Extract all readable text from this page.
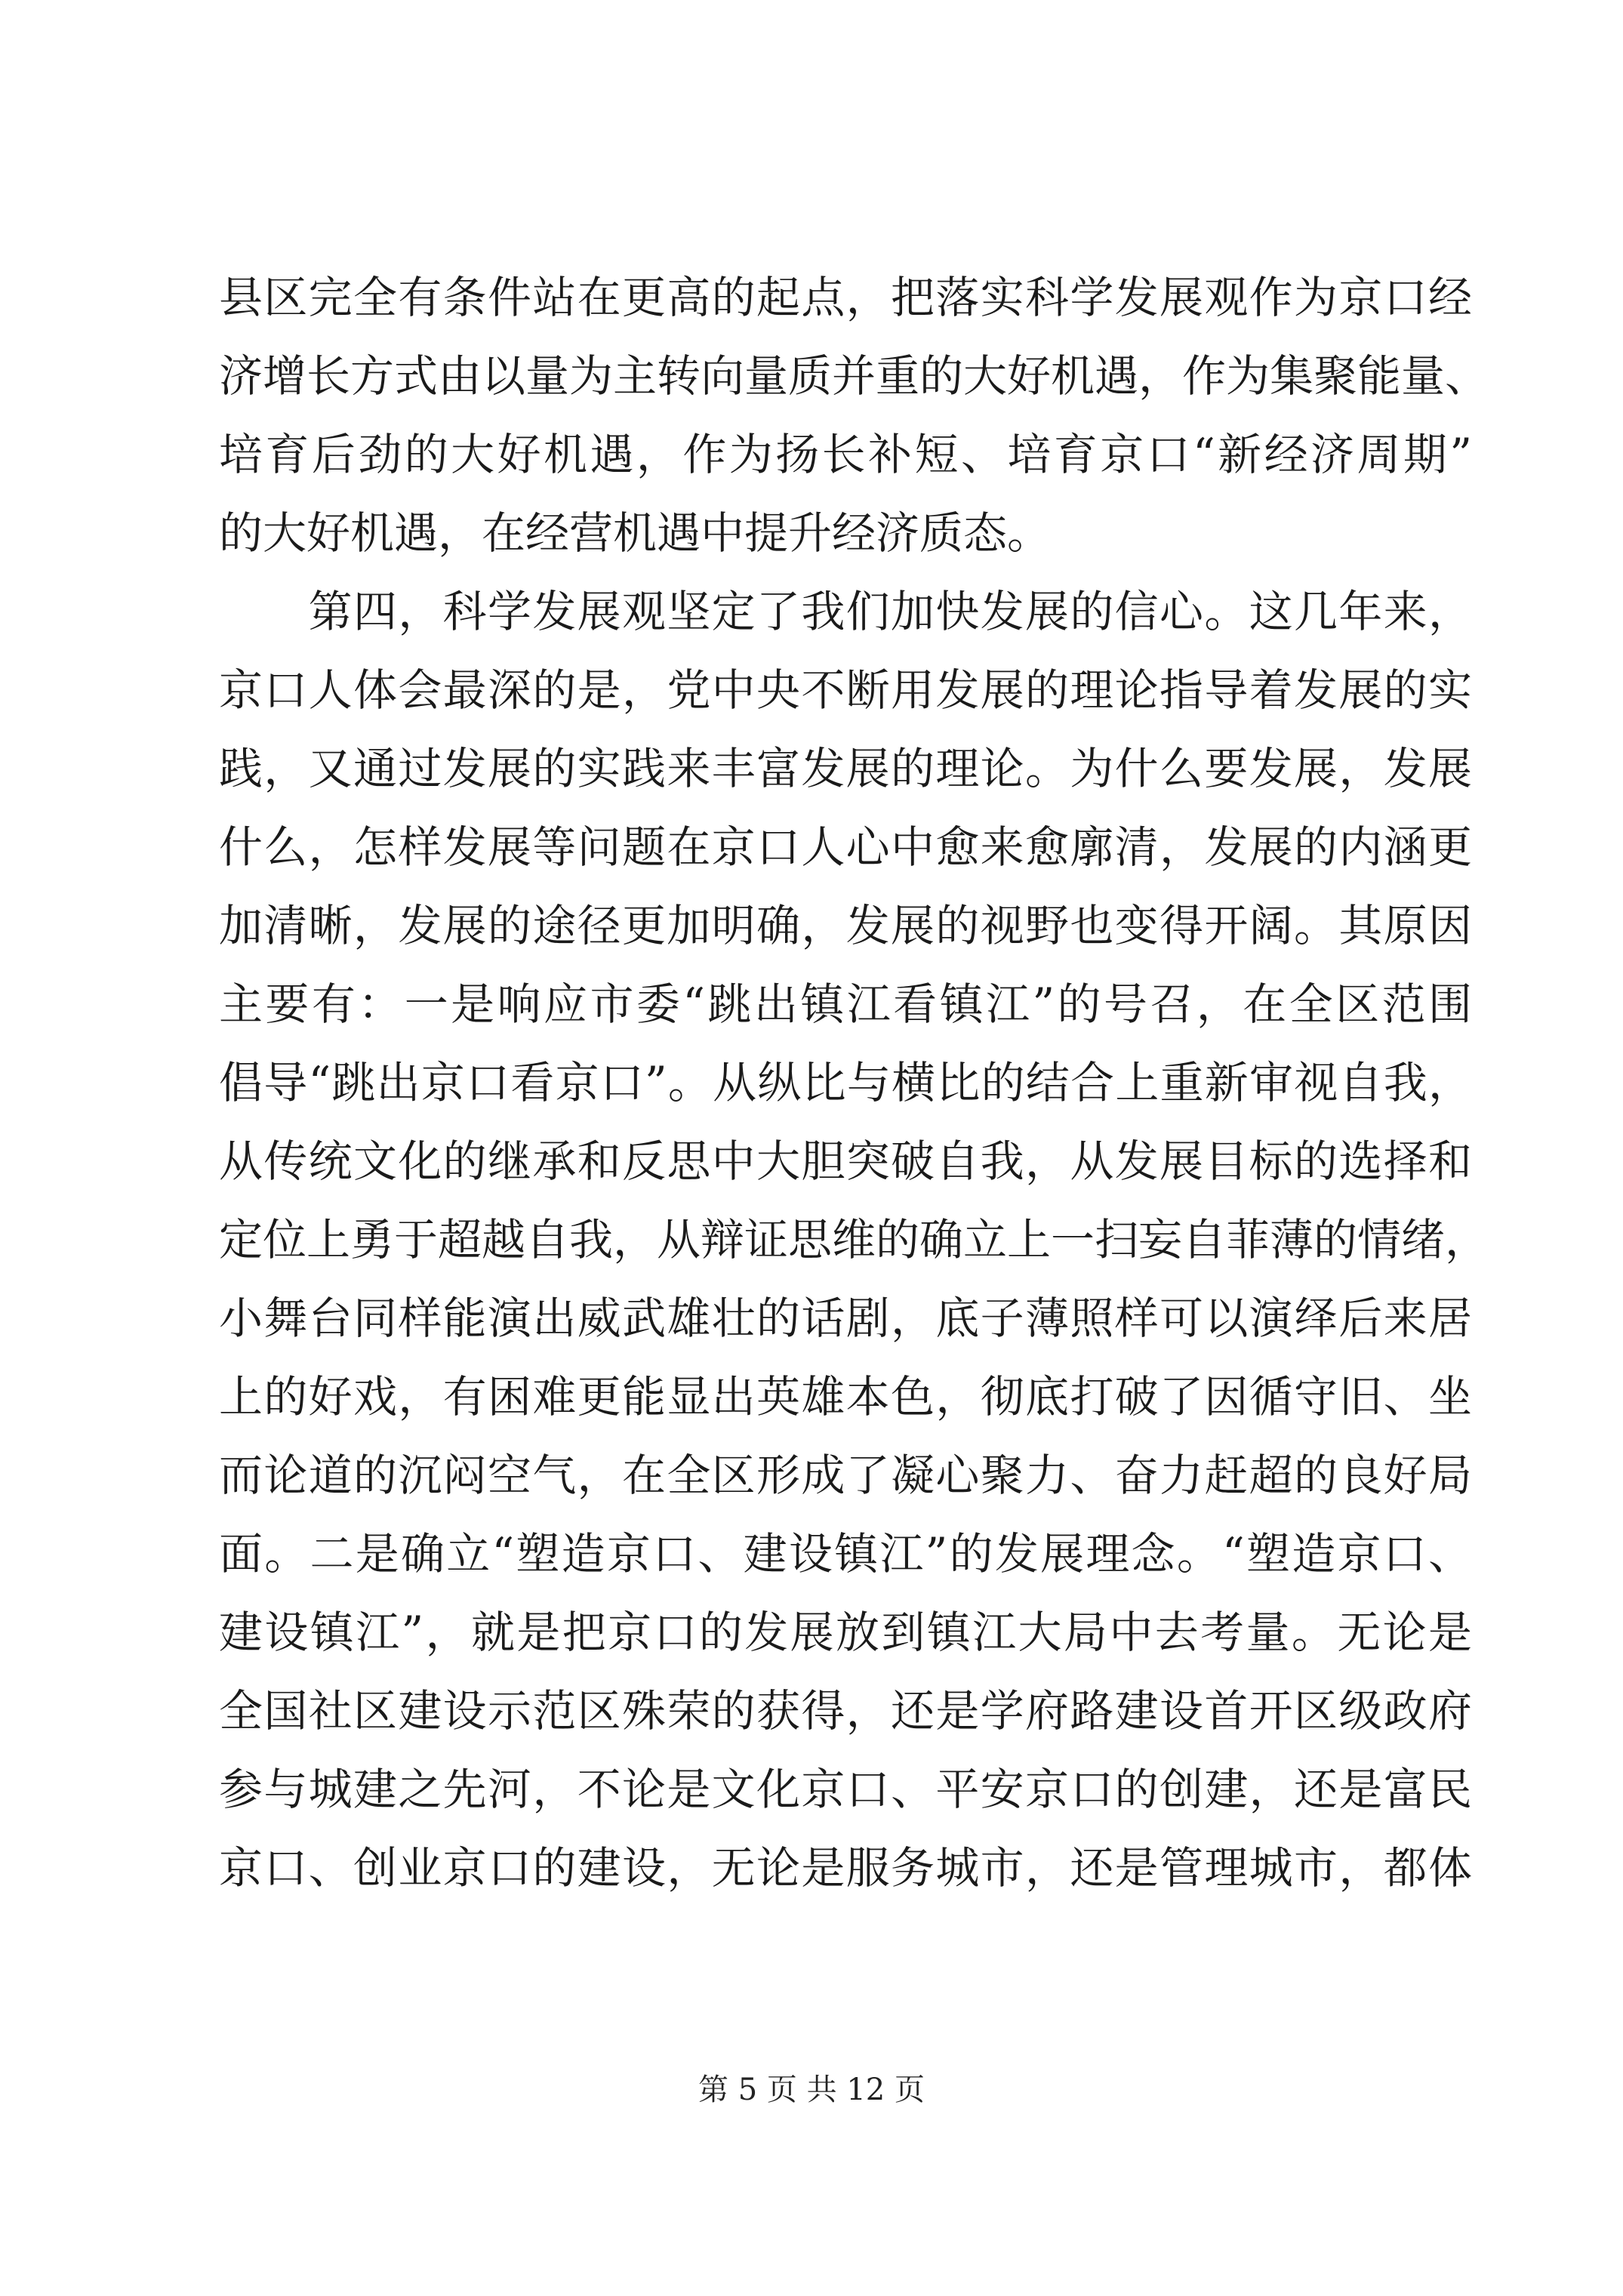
县区完全有条件站在更高的起点，把落实科学发展观作为京口经
济增长方式由以量为主转向量质并重的大好机遇，作为集聚能量、
培育后劲的大好机遇，作为扬长补短、培育京口“新经济周期”
的大好机遇，在经营机遇中提升经济质态。
　　第四，科学发展观坚定了我们加快发展的信心。这几年来，
京口人体会最深的是，党中央不断用发展的理论指导着发展的实
践，又通过发展的实践来丰富发展的理论。为什么要发展，发展
什么，怎样发展等问题在京口人心中愈来愈廓清，发展的内涵更
加清晰，发展的途径更加明确，发展的视野也变得开阔。其原因
主要有：一是响应市委“跳出镇江看镇江”的号召，在全区范围
倡导“跳出京口看京口”。从纵比与横比的结合上重新审视自我，
从传统文化的继承和反思中大胆突破自我，从发展目标的选择和
定位上勇于超越自我，从辩证思维的确立上一扫妄自菲薄的情绪，
小舞台同样能演出威武雄壮的话剧，底子薄照样可以演绎后来居
上的好戏，有困难更能显出英雄本色，彻底打破了因循守旧、坐
而论道的沉闷空气，在全区形成了凝心聚力、奋力赶超的良好局
面。二是确立“塑造京口、建设镇江”的发展理念。“塑造京口、
建设镇江”，就是把京口的发展放到镇江大局中去考量。无论是
全国社区建设示范区殊荣的获得，还是学府路建设首开区级政府
参与城建之先河，不论是文化京口、平安京口的创建，还是富民
京口、创业京口的建设，无论是服务城市，还是管理城市，都体
第 5 页 共 12 页
